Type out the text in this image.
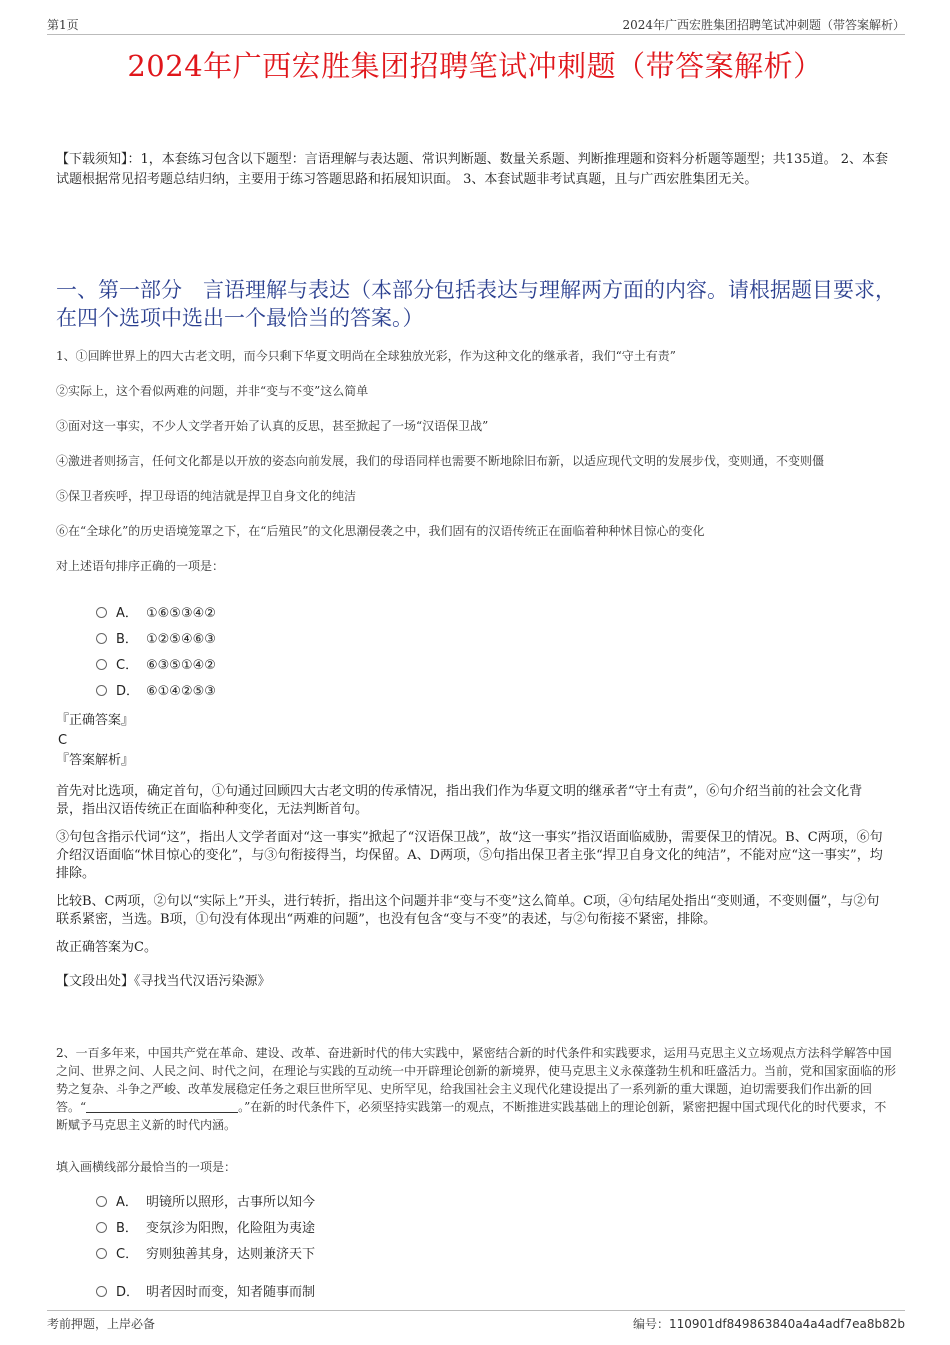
第1页	2024年广西宏胜集团招聘笔试冲刺题（带答案解析）
2024年广西宏胜集团招聘笔试冲刺题（带答案解析）
【下载须知】：1，本套练习包含以下题型：言语理解与表达题、常识判断题、数量关系题、判断推理题和资料分析题等题型；共135道。 2、本套试题根据常见招考题总结归纳，主要用于练习答题思路和拓展知识面。 3、本套试题非考试真题，且与广西宏胜集团无关。
一、第一部分　言语理解与表达（本部分包括表达与理解两方面的内容。请根据题目要求，在四个选项中选出一个最恰当的答案。）

1、①回眸世界上的四大古老文明，而今只剩下华夏文明尚在全球独放光彩，作为这种文化的继承者，我们“守土有责”

②实际上，这个看似两难的问题，并非“变与不变”这么简单

③面对这一事实，不少人文学者开始了认真的反思，甚至掀起了一场“汉语保卫战”

④激进者则扬言，任何文化都是以开放的姿态向前发展，我们的母语同样也需要不断地除旧布新，以适应现代文明的发展步伐，变则通，不变则僵

⑤保卫者疾呼，捍卫母语的纯洁就是捍卫自身文化的纯洁

⑥在“全球化”的历史语境笼罩之下，在“后殖民”的文化思潮侵袭之中，我们固有的汉语传统正在面临着种种怵目惊心的变化

对上述语句排序正确的一项是：

A． ①⑥⑤③④②
B． ①②⑤④⑥③
C． ⑥③⑤①④②
D． ⑥①④②⑤③
『正确答案』
C
『答案解析』

首先对比选项，确定首句，①句通过回顾四大古老文明的传承情况，指出我们作为华夏文明的继承者“守土有责”，⑥句介绍当前的社会文化背景，指出汉语传统正在面临种种变化，无法判断首句。

③句包含指示代词“这”，指出人文学者面对“这一事实”掀起了“汉语保卫战”，故“这一事实”指汉语面临威胁，需要保卫的情况。B、C两项，⑥句介绍汉语面临“怵目惊心的变化”，与③句衔接得当，均保留。A、D两项，⑤句指出保卫者主张“捍卫自身文化的纯洁”，不能对应“这一事实”，均排除。

比较B、C两项，②句以“实际上”开头，进行转折，指出这个问题并非“变与不变”这么简单。C项，④句结尾处指出“变则通，不变则僵”，与②句联系紧密，当选。B项，①句没有体现出“两难的问题”，也没有包含“变与不变”的表述，与②句衔接不紧密，排除。

故正确答案为C。

【文段出处】《寻找当代汉语污染源》
2、一百多年来，中国共产党在革命、建设、改革、奋进新时代的伟大实践中，紧密结合新的时代条件和实践要求，运用马克思主义立场观点方法科学解答中国之问、世界之问、人民之问、时代之问，在理论与实践的互动统一中开辟理论创新的新境界，使马克思主义永葆蓬勃生机和旺盛活力。当前，党和国家面临的形势之复杂、斗争之严峻、改革发展稳定任务之艰巨世所罕见、史所罕见，给我国社会主义现代化建设提出了一系列新的重大课题，迫切需要我们作出新的回答。“	。”在新的时代条件下，必须坚持实践第一的观点，不断推进实践基础上的理论创新，紧密把握中国式现代化的时代要求，不断赋予马克思主义新的时代内涵。
填入画横线部分最恰当的一项是：
A． 明镜所以照形，古事所以知今
B． 变氛沴为阳煦，化险阻为夷途
C． 穷则独善其身，达则兼济天下
D． 明者因时而变，知者随事而制
考前押题，上岸必备	编号：110901df849863840a4a4adf7ea8b82b
